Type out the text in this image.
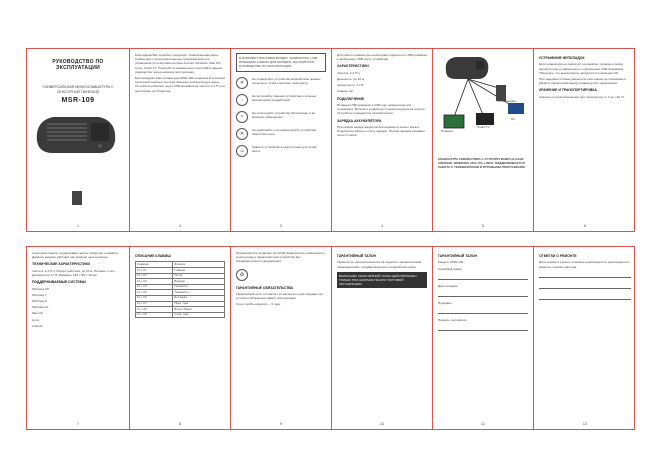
РУКОВОДСТВО ПО ЭКСПЛУАТАЦИИ
УНИВЕРСАЛЬНАЯ МИНИ-КЛАВИАТУРА С СЕНСОРНОЙ ПАНЕЛЬЮ
MSR-109
1

Благодарим Вас за выбор продукции. Универсальная мини-клавиатура с сенсорной панелью предназначена для управления устройствами на базе Android, Windows, Mac OS, Linux, Smart TV. Пожалуйста, внимательно прочитайте данное руководство перед началом эксплуатации.

Беспроводная мини-клавиатура MSR-109 оснащена встроенной сенсорной панелью, которая заменяет компьютерную мышь. Устройство работает через USB-приемник на частоте 2,4 ГГц на расстоянии до 10 метров.

2
В КОМПЛЕКТ ПОСТАВКИ ВХОДИТ: КЛАВИАТУРА, USB-ПРИЕМНИК, КАБЕЛЬ ДЛЯ ЗАРЯДКИ, АККУМУЛЯТОР, РУКОВОДСТВО ПО ЭКСПЛУАТАЦИИ.
☀
Не подвергайте устройство воздействию прямых солнечных лучей и высоких температур.
↓
Не допускайте падения устройства и сильных механических воздействий.
≈
Не используйте устройство вблизи воды и во влажных помещениях.
✕
Не разбирайте и не ремонтируйте устройство самостоятельно.
☺
Храните устройство в недоступном для детей месте.
3

Для работы клавиатуры необходимо подключить USB-приемник к свободному USB-порту устройства.

ХАРАКТЕРИСТИКИ

Частота: 2,4 ГГц

Дальность: до 10 м

Аккумулятор: 3,7 В

Клавиш: 92

ПОДКЛЮЧЕНИЕ

Вставьте USB-приемник в USB-порт компьютера или телевизора. Включите клавиатуру переключателем на корпусе. Устройство определится автоматически.

ЗАРЯДКА АККУМУЛЯТОРА

При низком заряде аккумулятора индикатор начнет мигать. Подключите кабель к порту зарядки. Полная зарядка занимает около 3 часов.

4
Мультимедиа
ПК
Smart TV
Планшет

КЛАВИАТУРА СОВМЕСТИМА С УСТРОЙСТВАМИ НА БАЗЕ ANDROID, WINDOWS, MAC OS, LINUX. ПОДДЕРЖИВАЕТСЯ РАБОТА С ТЕЛЕВИЗОРАМИ И ИГРОВЫМИ ПРИСТАВКАМИ.

5
УСТРАНЕНИЕ НЕПОЛАДОК

Если клавиатура не реагирует на нажатия, проверьте заряд аккумулятора и правильность подключения USB-приемника. Убедитесь, что выключатель находится в положении ON.

При задержке отклика уменьшите расстояние до приемника и уберите препятствия между клавиатурой и приемником.

ХРАНЕНИЕ И ТРАНСПОРТИРОВКА

Хранить в сухом помещении при температуре от 0 до +40 °C.

6

Сенсорная панель поддерживает жесты прокрутки и нажатия. Двойное касание работает как двойной щелчок мыши.

ТЕХНИЧЕСКИЕ ХАРАКТЕРИСТИКИ

Частота: 2,4 ГГц. Радиус действия: до 10 м. Питание: Li-ion аккумулятор 3,7 В. Размеры: 145 × 95 × 19 мм.

ПОДДЕРЖИВАЕМЫЕ СИСТЕМЫ

Windows XP

Windows 7

Windows 8

Windows 10

Mac OS

Linux

Android

7
ОПИСАНИЕ КЛАВИШ
Клавиша	Функция
Fn + F1	Главная
Fn + F2	Почта
Fn + F3	Браузер
Fn + F4	Громкость -
Fn + F5	Громкость +
Fn + F6	Без звука
Fn + F7	Пред. трек
Fn + F8	Воспр./Пауза
Fn + F9	След. трек
8

Производитель оставляет за собой право вносить изменения в конструкцию и характеристики устройства без предварительного уведомления.

♻
ГАРАНТИЙНЫЕ ОБЯЗАТЕЛЬСТВА

Гарантийный срок составляет 12 месяцев со дня продажи при условии соблюдения правил эксплуатации.

Срок службы изделия — 3 года.

9
ГАРАНТИЙНЫЙ ТАЛОН

Гарантия не распространяется на изделия с механическими повреждениями, следами вскрытия и воздействия влаги.

ВНИМАНИЕ! ГАРАНТИЙНЫЙ ТАЛОН ДЕЙСТВИТЕЛЕН ТОЛЬКО ПРИ НАЛИЧИИ ПЕЧАТИ ТОРГОВОЙ ОРГАНИЗАЦИИ.
10
ГАРАНТИЙНЫЙ ТАЛОН

Модель: MSR-109

Серийный номер

Дата продажи

Продавец

Подпись покупателя

11
ОТМЕТКИ О РЕМОНТЕ

Дата приема в ремонт, описание неисправности, дата выдачи из ремонта, подпись мастера.

12
